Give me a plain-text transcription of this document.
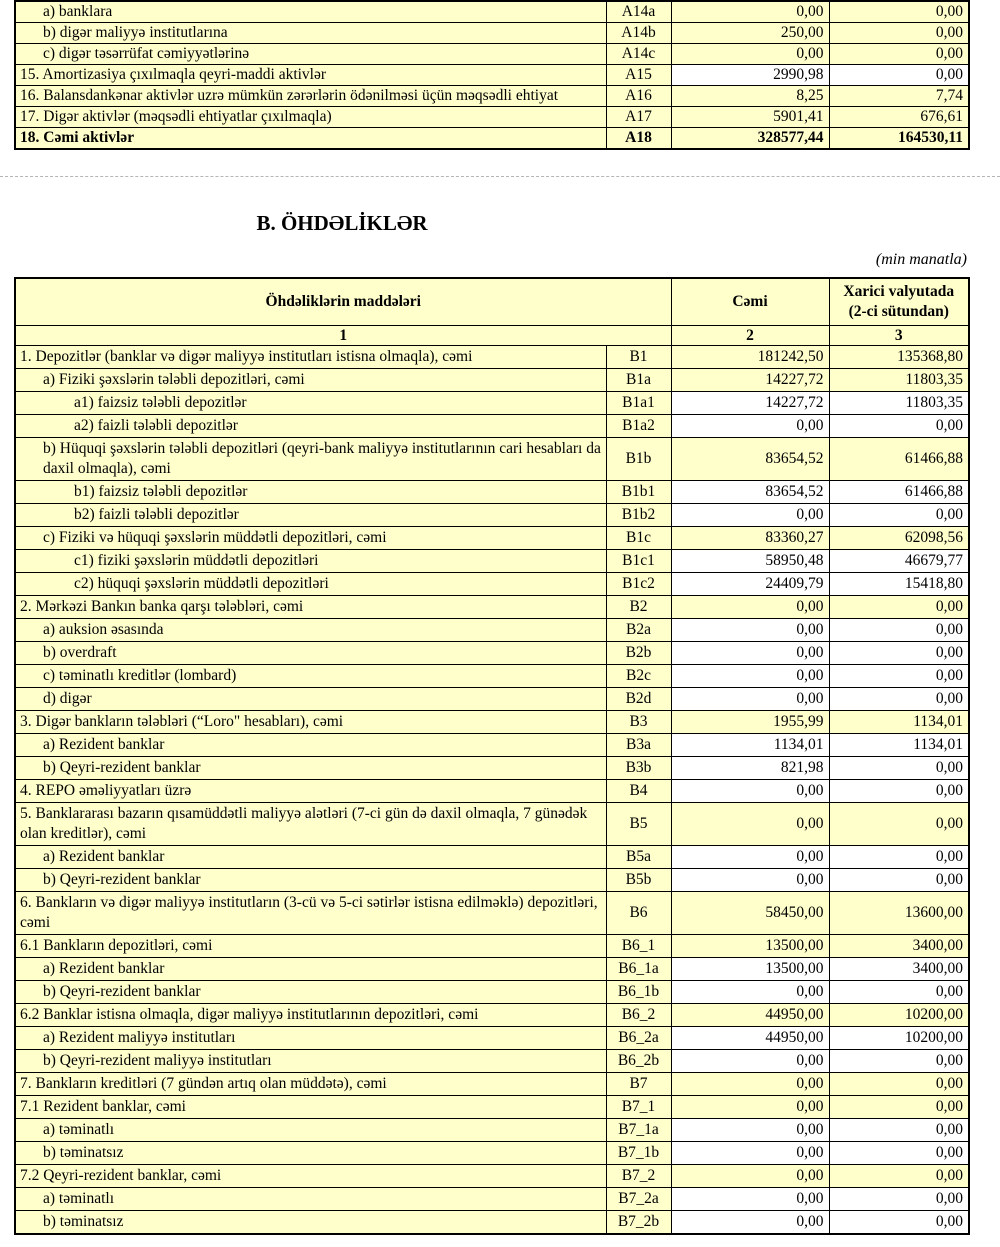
a) banklara	A14a	0,00	0,00
b) digər maliyyə institutlarına	A14b	250,00	0,00
c) digər təsərrüfat cəmiyyətlərinə	A14c	0,00	0,00
15. Amortizasiya çıxılmaqla qeyri-maddi aktivlər	A15	2990,98	0,00
16. Balansdankənar aktivlər uzrə mümkün zərərlərin ödənilməsi üçün məqsədli ehtiyat	A16	8,25	7,74
17. Digər aktivlər (məqsədli ehtiyatlar çıxılmaqla)	A17	5901,41	676,61
18. Cəmi aktivlər	A18	328577,44	164530,11
B. ÖHDƏLİKLƏR
(min manatla)
Öhdəliklərin maddələri		Cəmi	Xarici valyutada (2-ci sütundan)
1		2	3
1. Depozitlər (banklar və digər maliyyə institutları istisna olmaqla), cəmi	B1	181242,50	135368,80
a) Fiziki şəxslərin tələbli depozitləri, cəmi	B1a	14227,72	11803,35
a1) faizsiz tələbli depozitlər	B1a1	14227,72	11803,35
a2) faizli tələbli depozitlər	B1a2	0,00	0,00
b) Hüquqi şəxslərin tələbli depozitləri (qeyri-bank maliyyə institutlarının cari hesabları da daxil olmaqla), cəmi	B1b	83654,52	61466,88
b1) faizsiz tələbli depozitlər	B1b1	83654,52	61466,88
b2) faizli tələbli depozitlər	B1b2	0,00	0,00
c) Fiziki və hüquqi şəxslərin müddətli depozitləri, cəmi	B1c	83360,27	62098,56
c1) fiziki şəxslərin müddətli depozitləri	B1c1	58950,48	46679,77
c2) hüquqi şəxslərin müddətli depozitləri	B1c2	24409,79	15418,80
2. Mərkəzi Bankın banka qarşı tələbləri, cəmi	B2	0,00	0,00
a) auksion əsasında	B2a	0,00	0,00
b) overdraft	B2b	0,00	0,00
c) təminatlı kreditlər (lombard)	B2c	0,00	0,00
d) digər	B2d	0,00	0,00
3. Digər bankların tələbləri (“Loro" hesabları), cəmi	B3	1955,99	1134,01
a) Rezident banklar	B3a	1134,01	1134,01
b) Qeyri-rezident banklar	B3b	821,98	0,00
4. REPO əməliyyatları üzrə	B4	0,00	0,00
5. Banklararası bazarın qısamüddətli maliyyə alətləri (7-ci gün də daxil olmaqla, 7 günədək olan kreditlər), cəmi	B5	0,00	0,00
a) Rezident banklar	B5a	0,00	0,00
b) Qeyri-rezident banklar	B5b	0,00	0,00
6. Bankların və digər maliyyə institutların (3-cü və 5-ci sətirlər istisna edilməklə) depozitləri, cəmi	B6	58450,00	13600,00
6.1 Bankların depozitləri, cəmi	B6_1	13500,00	3400,00
a) Rezident banklar	B6_1a	13500,00	3400,00
b) Qeyri-rezident banklar	B6_1b	0,00	0,00
6.2 Banklar istisna olmaqla, digər maliyyə institutlarının depozitləri, cəmi	B6_2	44950,00	10200,00
a) Rezident maliyyə institutları	B6_2a	44950,00	10200,00
b) Qeyri-rezident maliyyə institutları	B6_2b	0,00	0,00
7. Bankların kreditləri (7 gündən artıq olan müddətə), cəmi	B7	0,00	0,00
7.1 Rezident banklar, cəmi	B7_1	0,00	0,00
a) təminatlı	B7_1a	0,00	0,00
b) təminatsız	B7_1b	0,00	0,00
7.2 Qeyri-rezident banklar, cəmi	B7_2	0,00	0,00
a) təminatlı	B7_2a	0,00	0,00
b) təminatsız	B7_2b	0,00	0,00
